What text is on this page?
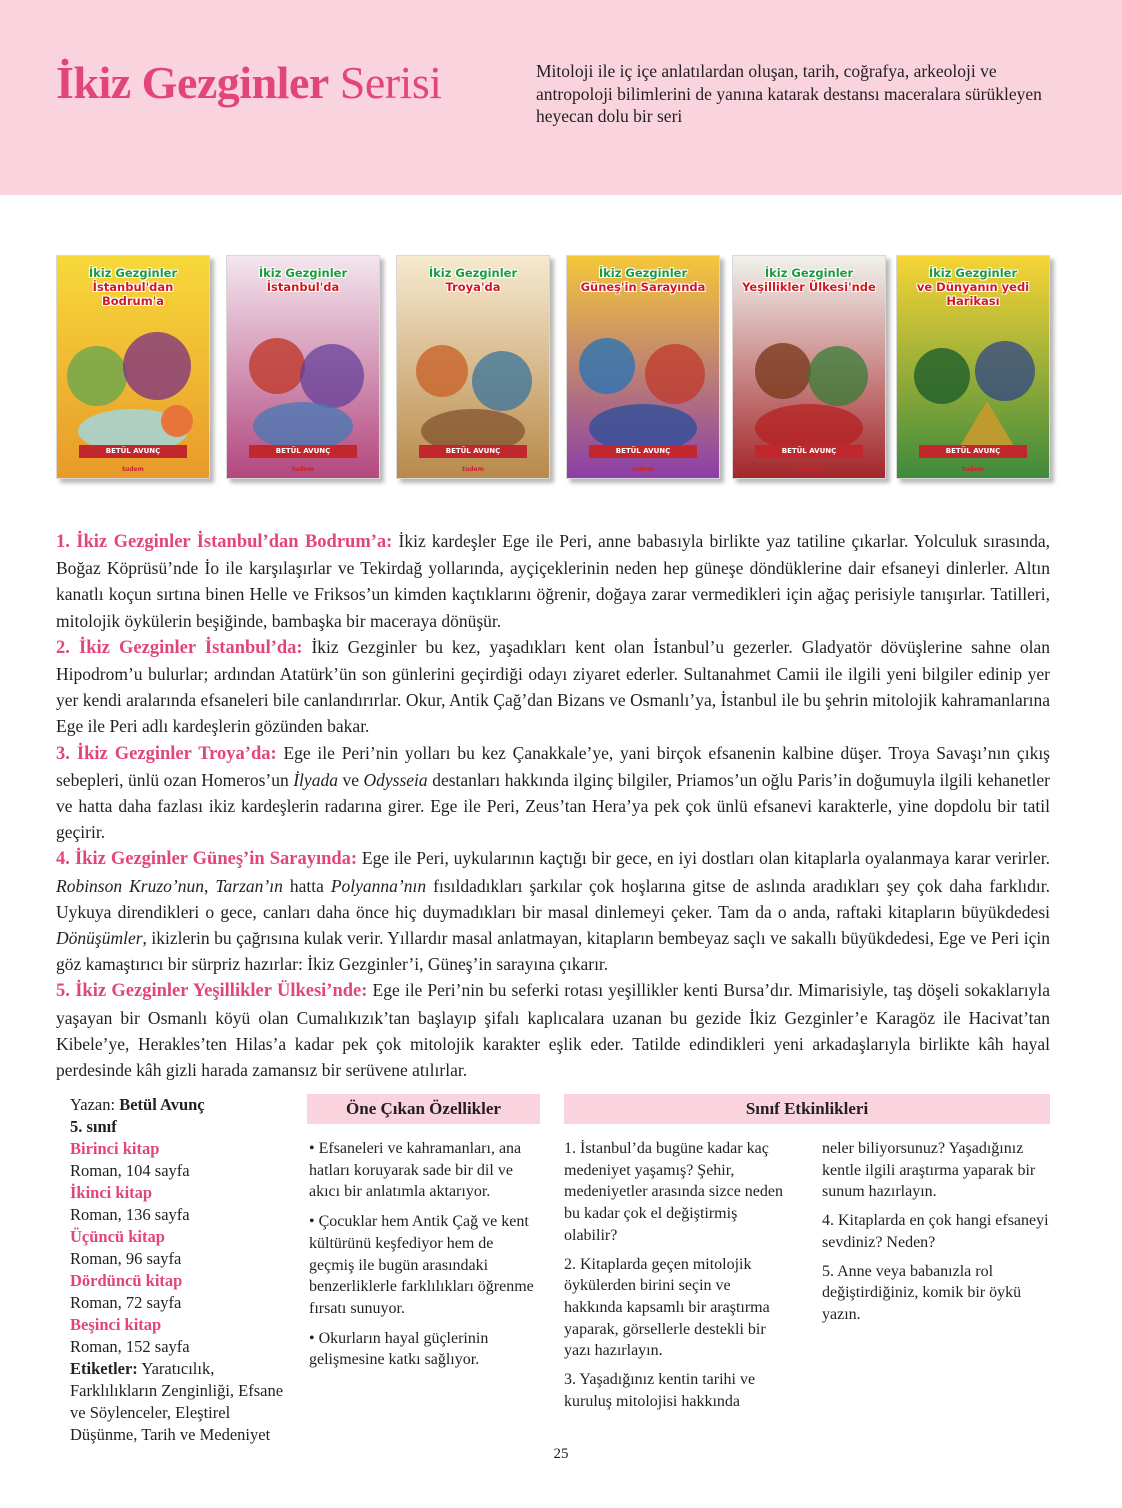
İkiz Gezginler Serisi	Mitoloji ile iç içe anlatılardan oluşan, tarih, coğrafya, arkeoloji ve antropoloji bilimlerini de yanına katarak destansı maceralara sürükleyen heyecan dolu bir seri

İkiz Gezginler
İstanbul'dan Bodrum'a
BETÜL AVUNÇ
tudem
İkiz Gezginler
İstanbul'da
BETÜL AVUNÇ
tudem
İkiz Gezginler
Troya'da
BETÜL AVUNÇ
tudem
İkiz Gezginler
Güneş'in Sarayında
BETÜL AVUNÇ
tudem
İkiz Gezginler
Yeşillikler Ülkesi'nde
BETÜL AVUNÇ
tudem
İkiz Gezginler
ve Dünyanın yedi Harikası
BETÜL AVUNÇ
tudem
1. İkiz Gezginler İstanbul’dan Bodrum’a: İkiz kardeşler Ege ile Peri, anne babasıyla birlikte yaz tatiline çıkarlar. Yolculuk sırasında, Boğaz Köprüsü’nde İo ile karşılaşırlar ve Tekirdağ yollarında, ayçiçeklerinin neden hep güneşe döndüklerine dair efsaneyi dinlerler. Altın kanatlı koçun sırtına binen Helle ve Friksos’un kimden kaçtıklarını öğrenir, doğaya zarar vermedikleri için ağaç perisiyle tanışırlar. Tatilleri, mitolojik öykülerin beşiğinde, bambaşka bir maceraya dönüşür.
2. İkiz Gezginler İstanbul’da: İkiz Gezginler bu kez, yaşadıkları kent olan İstanbul’u gezerler. Gladyatör dövüşlerine sahne olan Hipodrom’u bulurlar; ardından Atatürk’ün son günlerini geçirdiği odayı ziyaret ederler. Sultanahmet Camii ile ilgili yeni bilgiler edinip yer yer kendi aralarında efsaneleri bile canlandırırlar. Okur, Antik Çağ’dan Bizans ve Osmanlı’ya, İstanbul ile bu şehrin mitolojik kahramanlarına Ege ile Peri adlı kardeşlerin gözünden bakar.
3. İkiz Gezginler Troya’da: Ege ile Peri’nin yolları bu kez Çanakkale’ye, yani birçok efsanenin kalbine düşer. Troya Savaşı’nın çıkış sebepleri, ünlü ozan Homeros’un İlyada ve Odysseia destanları hakkında ilginç bilgiler, Priamos’un oğlu Paris’in doğumuyla ilgili kehanetler ve hatta daha fazlası ikiz kardeşlerin radarına girer. Ege ile Peri, Zeus’tan Hera’ya pek çok ünlü efsanevi karakterle, yine dopdolu bir tatil geçirir.
4. İkiz Gezginler Güneş’in Sarayında: Ege ile Peri, uykularının kaçtığı bir gece, en iyi dostları olan kitaplarla oyalanmaya karar verirler. Robinson Kruzo’nun, Tarzan’ın hatta Polyanna’nın fısıldadıkları şarkılar çok hoşlarına gitse de aslında aradıkları şey çok daha farklıdır. Uykuya direndikleri o gece, canları daha önce hiç duymadıkları bir masal dinlemeyi çeker. Tam da o anda, raftaki kitapların büyükdedesi Dönüşümler, ikizlerin bu çağrısına kulak verir. Yıllardır masal anlatmayan, kitapların bembeyaz saçlı ve sakallı büyükdedesi, Ege ve Peri için göz kamaştırıcı bir sürpriz hazırlar: İkiz Gezginler’i, Güneş’in sarayına çıkarır.
5. İkiz Gezginler Yeşillikler Ülkesi’nde: Ege ile Peri’nin bu seferki rotası yeşillikler kenti Bursa’dır. Mimarisiyle, taş döşeli sokaklarıyla yaşayan bir Osmanlı köyü olan Cumalıkızık’tan başlayıp şifalı kaplıcalara uzanan bu gezide İkiz Gezginler’e Karagöz ile Hacivat’tan Kibele’ye, Herakles’ten Hilas’a kadar pek çok mitolojik karakter eşlik eder. Tatilde edindikleri yeni arkadaşlarıyla birlikte kâh hayal perdesinde kâh gizli harada zamansız bir serüvene atılırlar.
Yazan: Betül Avunç
5. sınıf
Birinci kitap
Roman, 104 sayfa
İkinci kitap
Roman, 136 sayfa
Üçüncü kitap
Roman, 96 sayfa
Dördüncü kitap
Roman, 72 sayfa
Beşinci kitap
Roman, 152 sayfa
Etiketler: Yaratıcılık, Farklılıkların Zenginliği, Efsane ve Söylenceler, Eleştirel Düşünme, Tarih ve Medeniyet
Öne Çıkan Özellikler
• Efsaneleri ve kahramanları, ana hatları koruyarak sade bir dil ve akıcı bir anlatımla aktarıyor.
• Çocuklar hem Antik Çağ ve kent kültürünü keşfediyor hem de geçmiş ile bugün arasındaki benzerliklerle farklılıkları öğrenme fırsatı sunuyor.
• Okurların hayal güçlerinin gelişmesine katkı sağlıyor.
Sınıf Etkinlikleri

1. İstanbul’da bugüne kadar kaç medeniyet yaşamış? Şehir, medeniyetler arasında sizce neden bu kadar çok el değiştirmiş olabilir?

2. Kitaplarda geçen mitolojik öykülerden birini seçin ve hakkında kapsamlı bir araştırma yaparak, görsellerle destekli bir yazı hazırlayın.

3. Yaşadığınız kentin tarihi ve kuruluş mitolojisi hakkında

neler biliyorsunuz? Yaşadığınız kentle ilgili araştırma yaparak bir sunum hazırlayın.

4. Kitaplarda en çok hangi efsaneyi sevdiniz? Neden?

5. Anne veya babanızla rol değiştirdiğiniz, komik bir öykü yazın.

25
